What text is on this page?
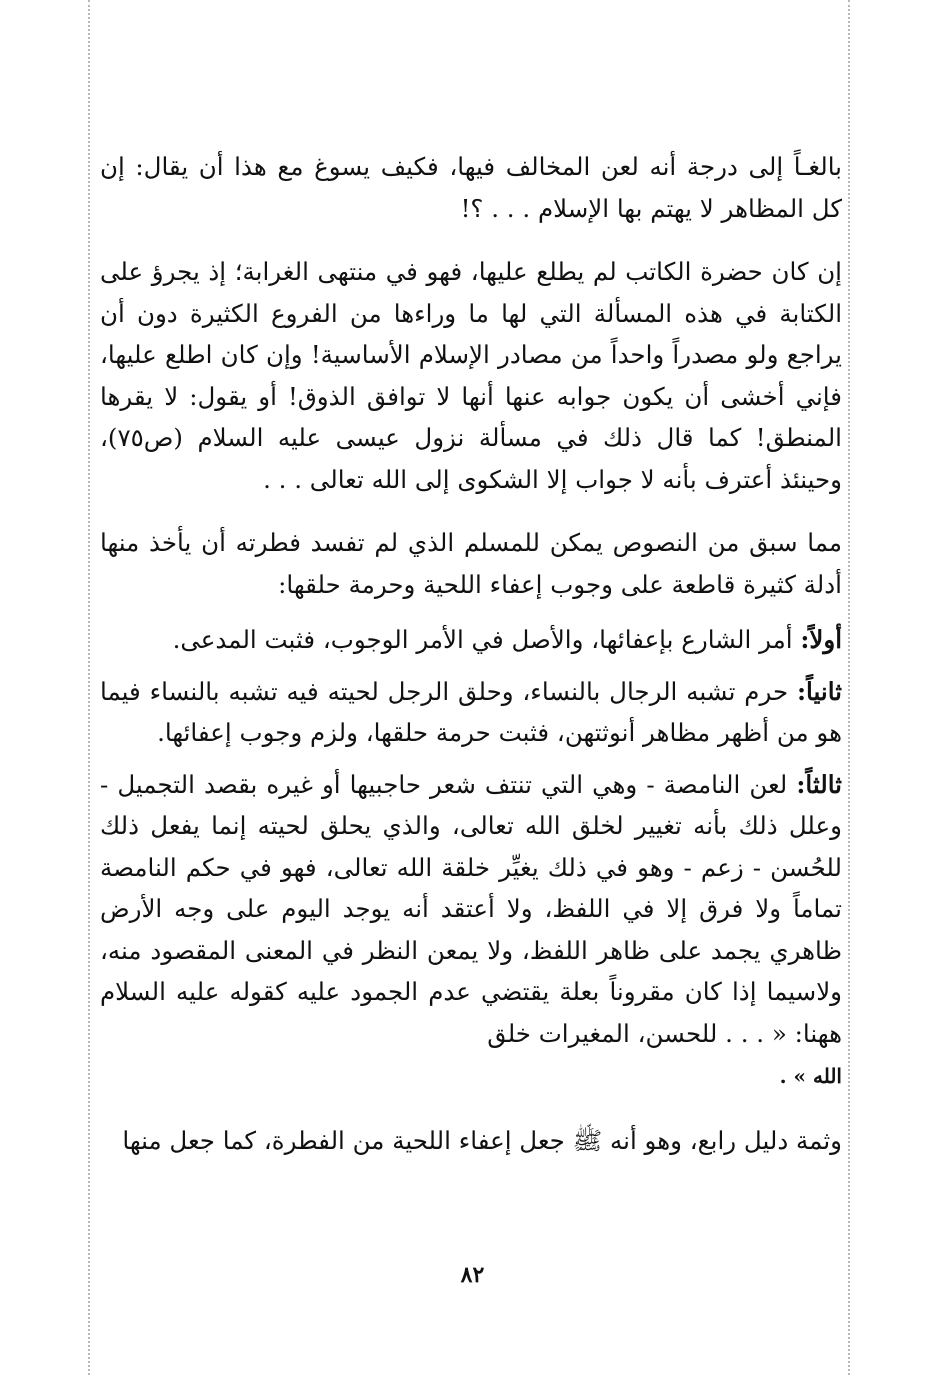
بالغـاً إلى درجة أنه لعن المخالف فيها، فكيف يسوغ مع هذا أن يقال: إن كل المظاهر لا يهتم بها الإسلام . . . ؟!

إن كان حضرة الكاتب لم يطلع عليها، فهو في منتهى الغرابة؛ إذ يجرؤ على الكتابة في هذه المسألة التي لها ما وراءها من الفروع الكثيرة دون أن يراجع ولو مصدراً واحداً من مصادر الإسلام الأساسية! وإن كان اطلع عليها، فإني أخشى أن يكون جوابه عنها أنها لا توافق الذوق! أو يقول: لا يقرها المنطق! كما قال ذلك في مسألة نزول عيسى عليه السلام (ص٧٥)، وحينئذ أعترف بأنه لا جواب إلا الشكوى إلى الله تعالى . . .

مما سبق من النصوص يمكن للمسلم الذي لم تفسد فطرته أن يأخذ منها أدلة كثيرة قاطعة على وجوب إعفاء اللحية وحرمة حلقها:

أولاً: أمر الشارع بإعفائها، والأصل في الأمر الوجوب، فثبت المدعى.

ثانياً: حرم تشبه الرجال بالنساء، وحلق الرجل لحيته فيه تشبه بالنساء فيما هو من أظهر مظاهر أنوثتهن، فثبت حرمة حلقها، ولزم وجوب إعفائها.

ثالثاً: لعن النامصة - وهي التي تنتف شعر حاجبيها أو غيره بقصد التجميل - وعلل ذلك بأنه تغيير لخلق الله تعالى، والذي يحلق لحيته إنما يفعل ذلك للحُسن - زعم - وهو في ذلك يغيِّر خلقة الله تعالى، فهو في حكم النامصة تماماً ولا فرق إلا في اللفظ، ولا أعتقد أنه يوجد اليوم على وجه الأرض ظاهري يجمد على ظاهر اللفظ، ولا يمعن النظر في المعنى المقصود منه، ولاسيما إذا كان مقروناً بعلة يقتضي عدم الجمود عليه كقوله عليه السلام ههنا: « . . . للحسن، المغيرات خلق
الله » .

وثمة دليل رابع، وهو أنه ﷺ جعل إعفاء اللحية من الفطرة، كما جعل منها

٨٢
